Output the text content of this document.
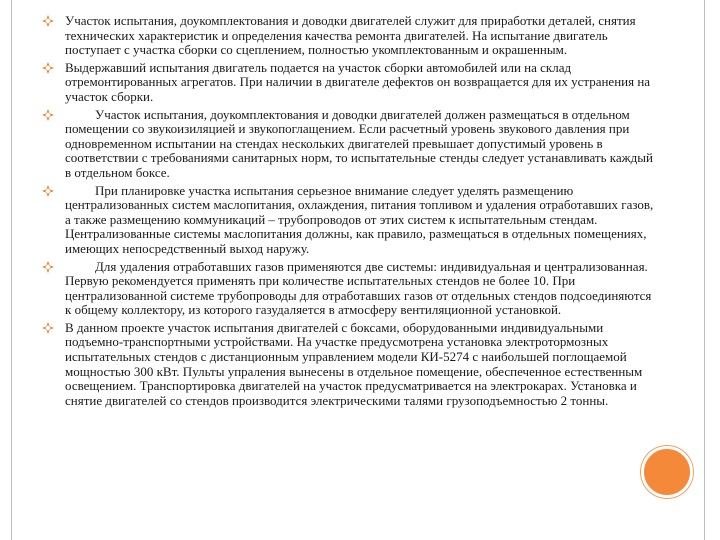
Участок испытания, доукомплектования и доводки двигателей служит для приработки деталей, снятия технических характеристик и определения качества ремонта двигателей. На испытание двигатель поступает с участка сборки со сцеплением, полностью укомплектованным и окрашенным.
Выдержавший испытания двигатель подается на участок сборки автомобилей или на склад отремонтированных агрегатов. При наличии в двигателе дефектов он возвращается для их устранения на участок сборки.
Участок испытания, доукомплектования и доводки двигателей должен размещаться в отдельном помещении со звукоизиляцией и звукопоглащением. Если расчетный уровень звукового давления при одновременном испытании на стендах нескольких двигателей превышает допустимый уровень в соответствии с требованиями санитарных норм, то испытательные стенды следует устанавливать каждый в отдельном боксе.
При планировке участка испытания серьезное внимание следует уделять размещению централизованных систем маслопитания, охлаждения, питания топливом и удаления отработавших газов, а также размещению коммуникаций – трубопроводов от этих систем к испытательным стендам. Централизованные системы маслопитания должны, как правило, размещаться в отдельных помещениях, имеющих непосредственный выход наружу.
Для удаления отработавших газов применяются две системы: индивидуальная и централизованная. Первую рекомендуется применять при количестве испытательных стендов не более 10. При централизованной системе трубопроводы для отработавших газов от отдельных стендов подсоединяются к общему коллектору, из которого газудаляется в атмосферу вентиляционной установкой.
В данном проекте участок испытания двигателей с боксами, оборудованными индивидуальными подъемно-транспортными устройствами. На участке предусмотрена установка электротормозных испытательных стендов с дистанционным управлением модели КИ-5274 с наибольшей поглощаемой мощностью 300 кВт. Пульты упраления вынесены в отдельное помещение, обеспеченное естественным освещением. Транспортировка двигателей на участок предусматривается на электрокарах. Установка и снятие двигателей со стендов производится электрическими талями грузоподъемностью 2 тонны.
